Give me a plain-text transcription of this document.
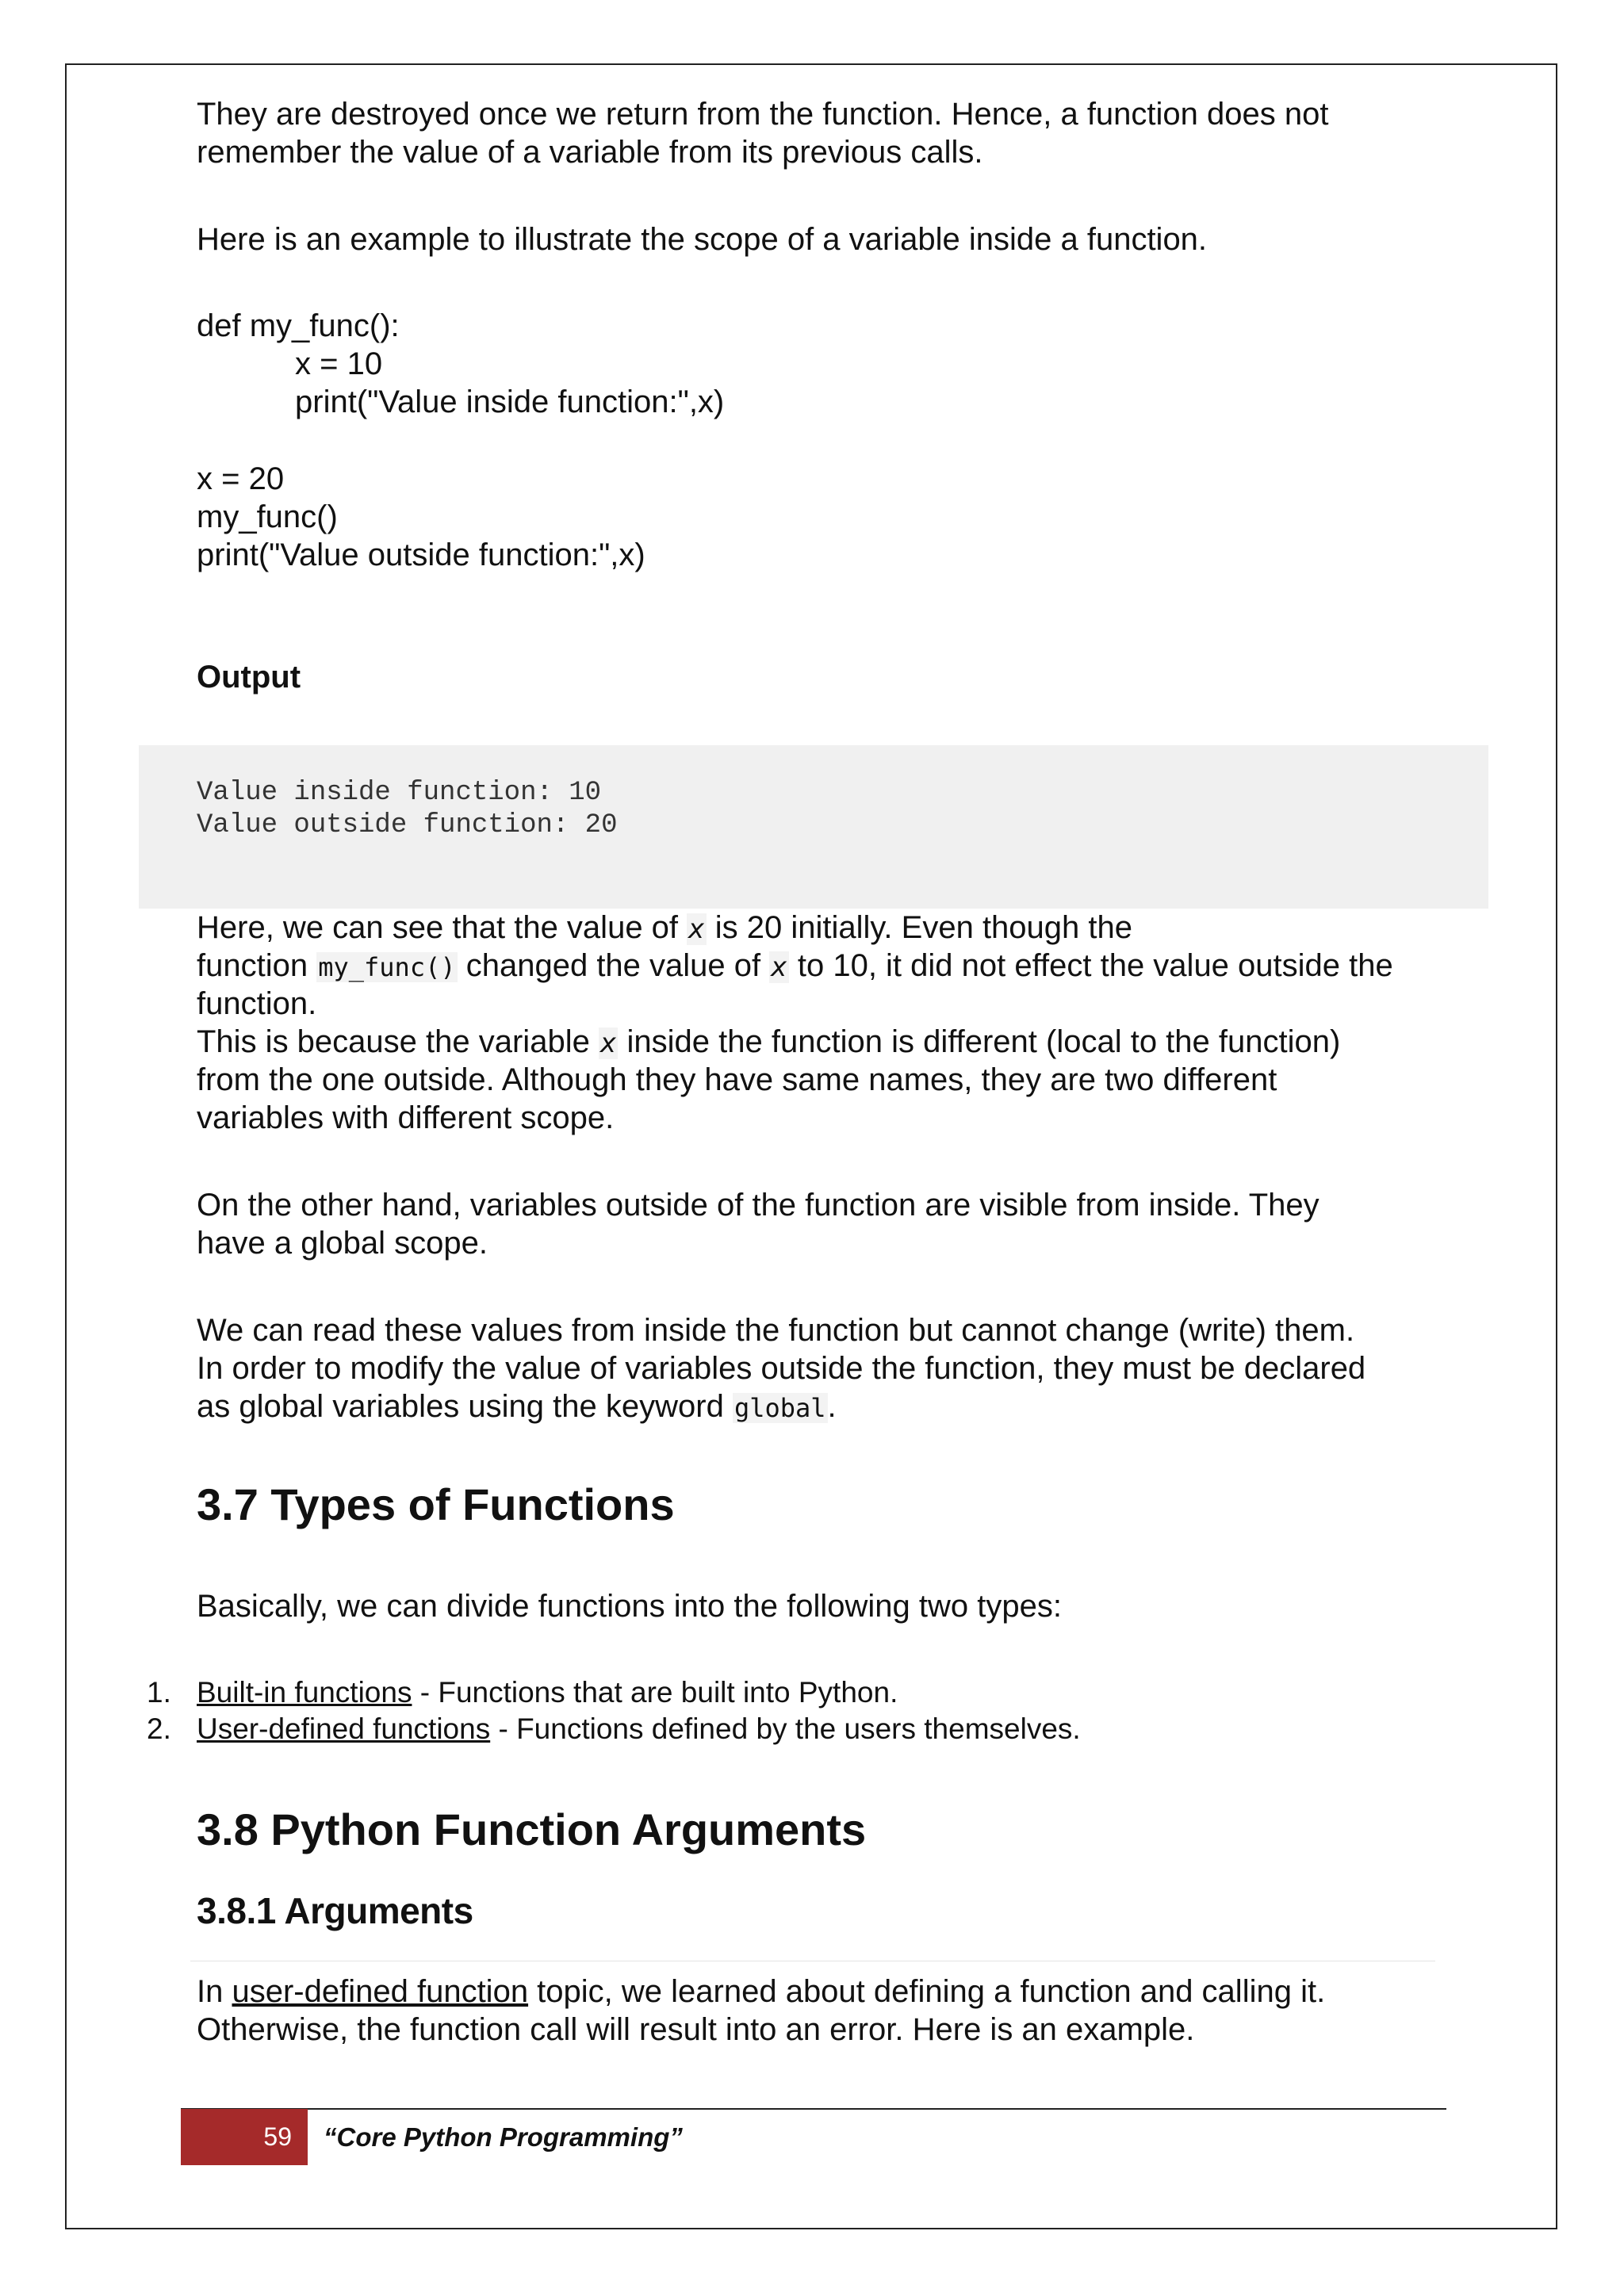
They are destroyed once we return from the function. Hence, a function does not

remember the value of a variable from its previous calls.

Here is an example to illustrate the scope of a variable inside a function.

def my_func():
x = 10
print("Value inside function:",x)
x = 20
my_func()
print("Value outside function:",x)

Output

Value inside function: 10
Value outside function: 20

Here, we can see that the value of x is 20 initially. Even though the

function my_func() changed the value of x to 10, it did not effect the value outside the

function.

This is because the variable x inside the function is different (local to the function)

from the one outside. Although they have same names, they are two different

variables with different scope.

On the other hand, variables outside of the function are visible from inside. They

have a global scope.

We can read these values from inside the function but cannot change (write) them.

In order to modify the value of variables outside the function, they must be declared

as global variables using the keyword global.

3.7 Types of Functions

Basically, we can divide functions into the following two types:

1. Built-in functions - Functions that are built into Python.
2. User-defined functions - Functions defined by the users themselves.
3.8 Python Function Arguments
3.8.1 Arguments

In user-defined function topic, we learned about defining a function and calling it.

Otherwise, the function call will result into an error. Here is an example.

59	“Core Python Programming”
